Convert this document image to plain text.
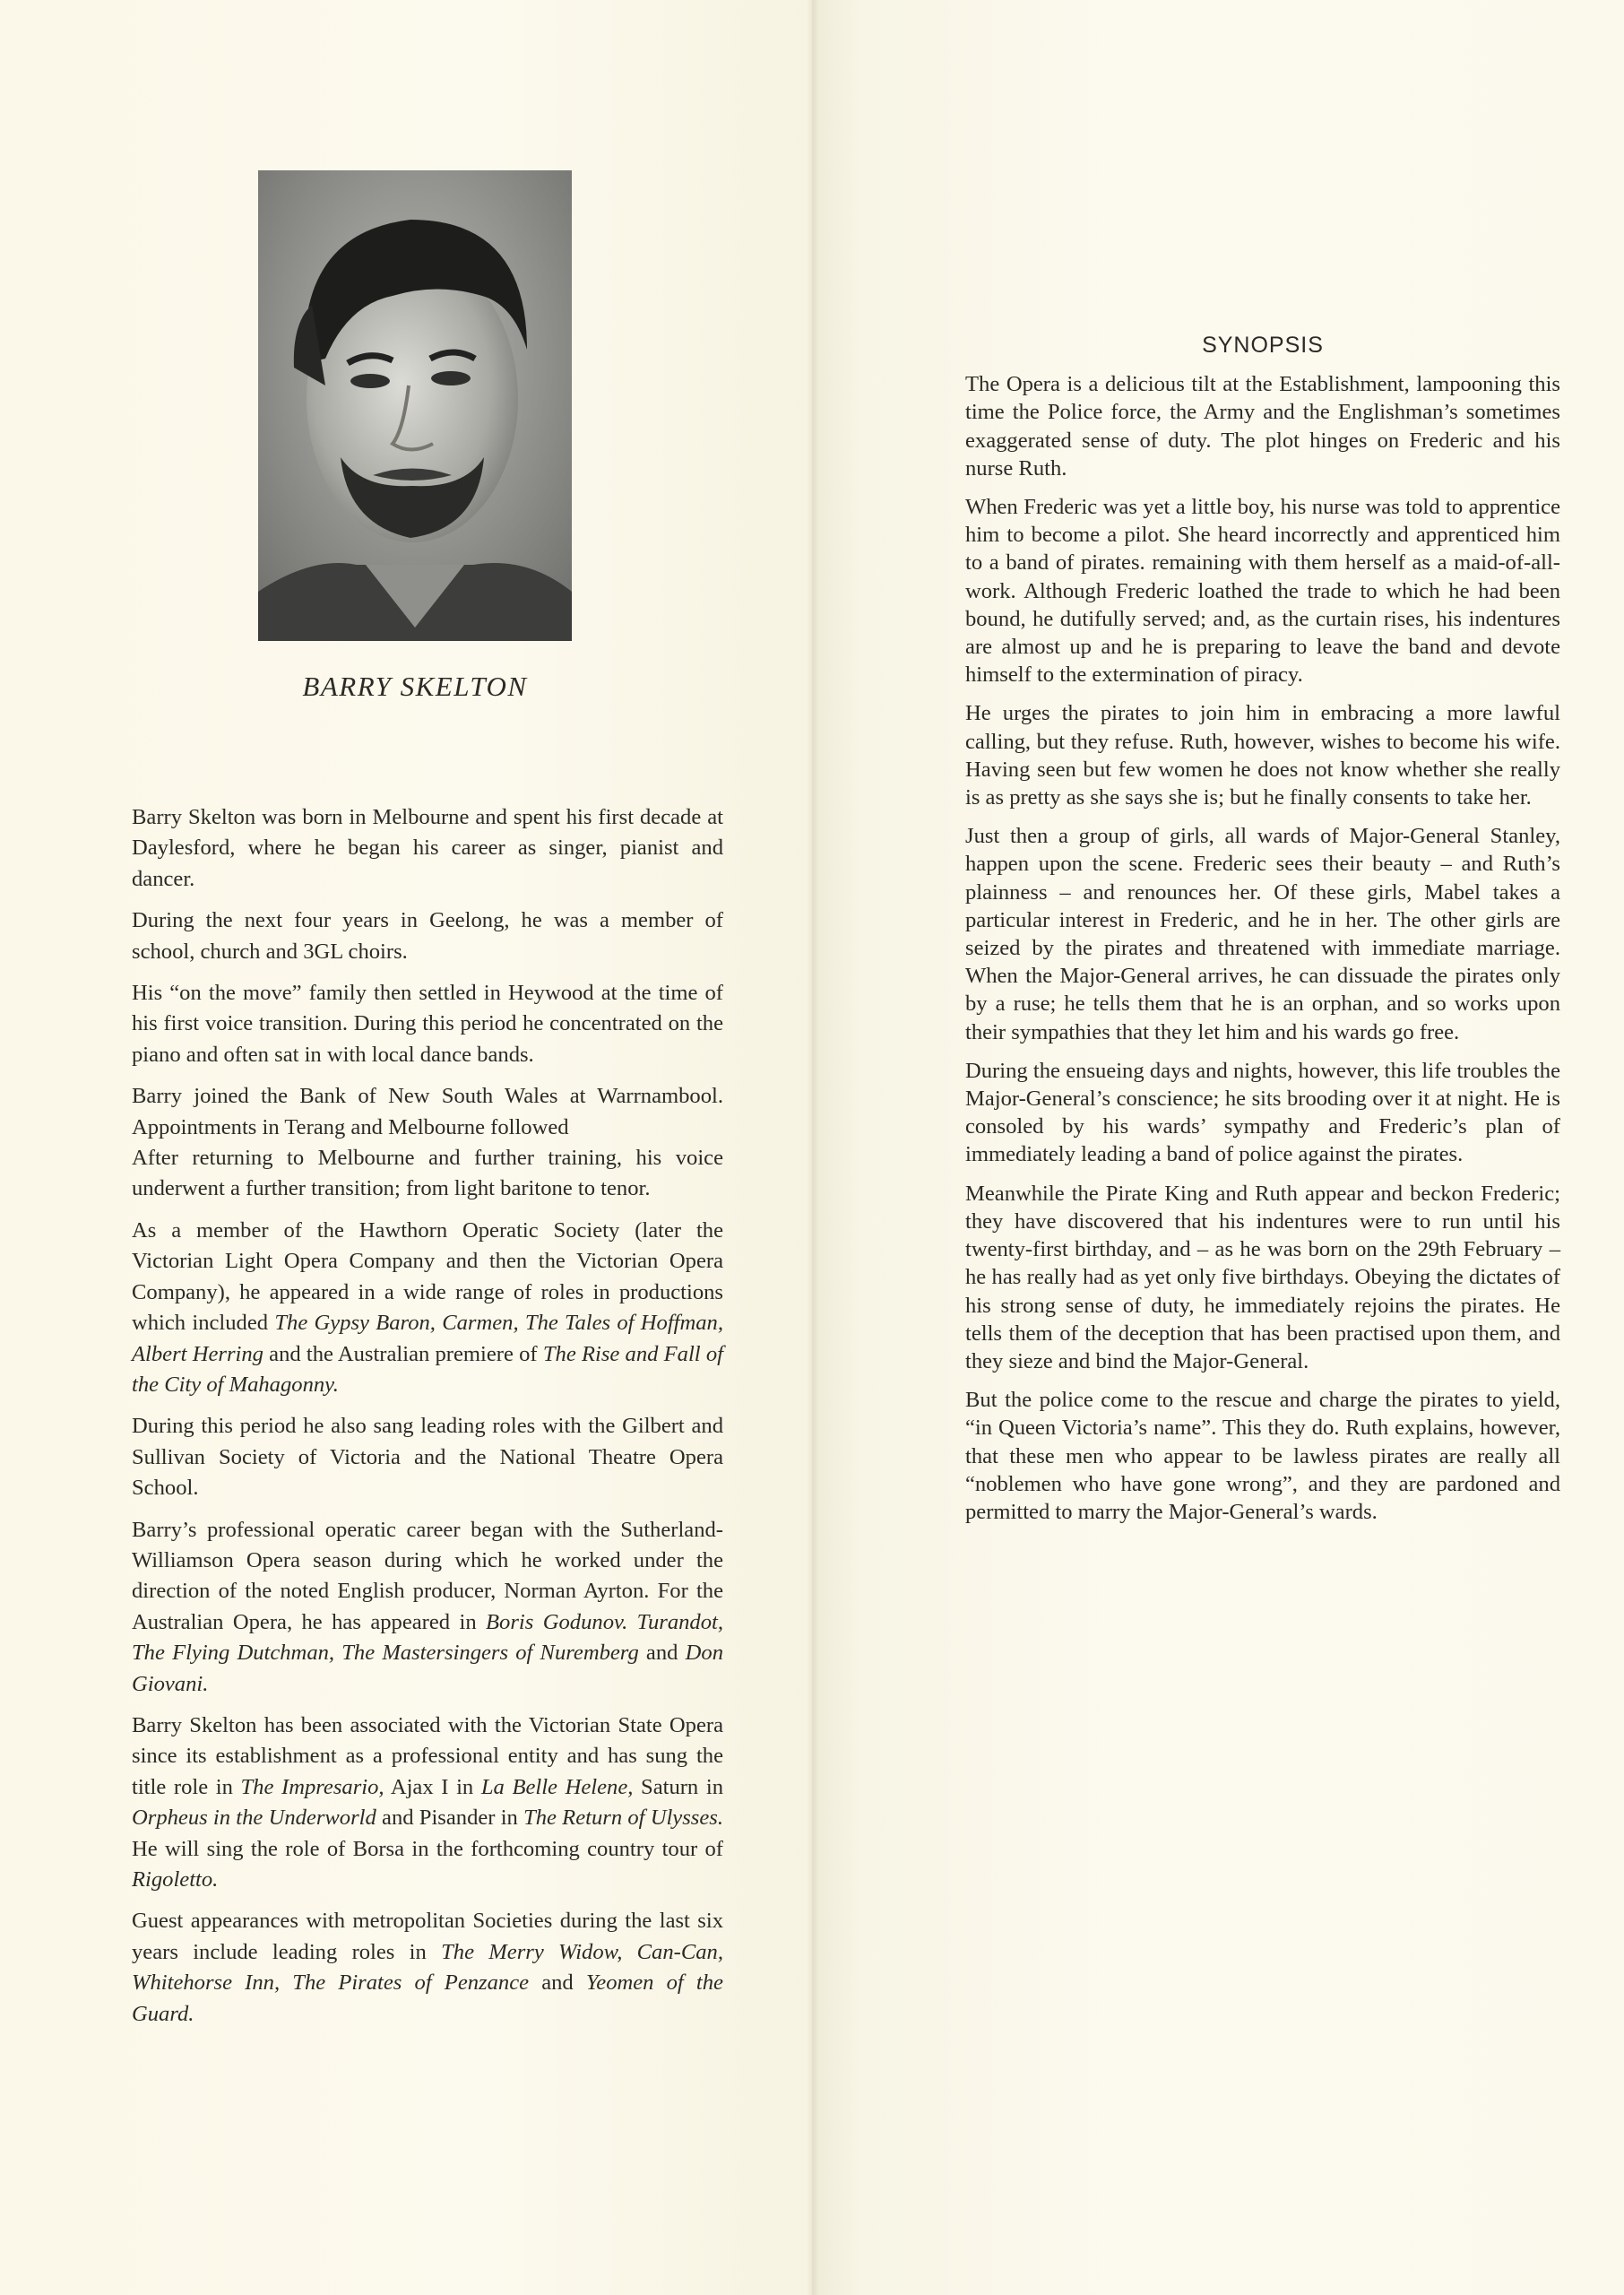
BARRY SKELTON

Barry Skelton was born in Melbourne and spent his first decade at Daylesford, where he began his career as singer, pianist and dancer.

During the next four years in Geelong, he was a member of school, church and 3GL choirs.

His “on the move” family then settled in Heywood at the time of his first voice transition. During this period he concentrated on the piano and often sat in with local dance bands.

Barry joined the Bank of New South Wales at Warrnambool. Appointments in Terang and Melbourne followed

After returning to Melbourne and further training, his voice underwent a further transition; from light baritone to tenor.

As a member of the Hawthorn Operatic Society (later the Victorian Light Opera Company and then the Victorian Opera Company), he appeared in a wide range of roles in productions which included The Gypsy Baron, Carmen, The Tales of Hoffman, Albert Herring and the Australian premiere of The Rise and Fall of the City of Mahagonny.

During this period he also sang leading roles with the Gilbert and Sullivan Society of Victoria and the National Theatre Opera School.

Barry’s professional operatic career began with the Sutherland-Williamson Opera season during which he worked under the direction of the noted English producer, Norman Ayrton. For the Australian Opera, he has appeared in Boris Godunov. Turandot, The Flying Dutchman, The Mastersingers of Nuremberg and Don Giovani.

Barry Skelton has been associated with the Victorian State Opera since its establishment as a professional entity and has sung the title role in The Impresario, Ajax I in La Belle Helene, Saturn in Orpheus in the Underworld and Pisander in The Return of Ulysses. He will sing the role of Borsa in the forthcoming country tour of Rigoletto.

Guest appearances with metropolitan Societies during the last six years include leading roles in The Merry Widow, Can-Can, Whitehorse Inn, The Pirates of Penzance and Yeomen of the Guard.

SYNOPSIS

The Opera is a delicious tilt at the Establishment, lampooning this time the Police force, the Army and the Englishman’s sometimes exaggerated sense of duty. The plot hinges on Frederic and his nurse Ruth.

When Frederic was yet a little boy, his nurse was told to apprentice him to become a pilot. She heard incorrectly and apprenticed him to a band of pirates. remaining with them herself as a maid-of-all-work. Although Frederic loathed the trade to which he had been bound, he dutifully served; and, as the curtain rises, his indentures are almost up and he is preparing to leave the band and devote himself to the extermination of piracy.

He urges the pirates to join him in embracing a more lawful calling, but they refuse. Ruth, however, wishes to become his wife. Having seen but few women he does not know whether she really is as pretty as she says she is; but he finally consents to take her.

Just then a group of girls, all wards of Major-General Stanley, happen upon the scene. Frederic sees their beauty – and Ruth’s plainness – and renounces her. Of these girls, Mabel takes a particular interest in Frederic, and he in her. The other girls are seized by the pirates and threatened with immediate marriage. When the Major-General arrives, he can dissuade the pirates only by a ruse; he tells them that he is an orphan, and so works upon their sympathies that they let him and his wards go free.

During the ensueing days and nights, however, this life troubles the Major-General’s conscience; he sits brooding over it at night. He is consoled by his wards’ sympathy and Frederic’s plan of immediately leading a band of police against the pirates.

Meanwhile the Pirate King and Ruth appear and beckon Frederic; they have discovered that his indentures were to run until his twenty-first birthday, and – as he was born on the 29th February – he has really had as yet only five birthdays. Obeying the dictates of his strong sense of duty, he immediately rejoins the pirates. He tells them of the deception that has been practised upon them, and they sieze and bind the Major-General.

But the police come to the rescue and charge the pirates to yield, “in Queen Victoria’s name”. This they do. Ruth explains, however, that these men who appear to be lawless pirates are really all “noblemen who have gone wrong”, and they are pardoned and permitted to marry the Major-General’s wards.
